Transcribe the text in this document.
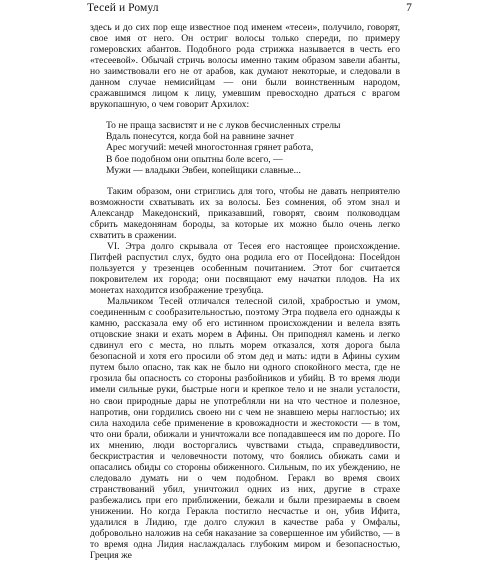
Тесей и Ромул	7

здесь и до сих пор еще известное под именем «тесеи», получило, говорят, свое имя от него. Он остриг волосы только спереди, по примеру гомеровских абантов. Подобного рода стрижка называется в честь его «тесеевой». Обычай стричь волосы именно таким образом завели абанты, но заимствовали его не от арабов, как думают некоторые, и следовали в данном случае немисийцам — они были воинственным народом, сражавшимся лицом к лицу, умевшим превосходно драться с врагом врукопашную, о чем говорит Архилох:

То не праща засвистят и не с луков бесчисленных стрелы
Вдаль понесутся, когда бой на равнине зачнет
Арес могучий: мечей многостонная грянет работа,
В бое подобном они опытны боле всего, —
Мужи — владыки Эвбеи, копейщики славные...

Таким образом, они стриглись для того, чтобы не давать неприятелю возможности схватывать их за волосы. Без сомнения, об этом знал и Александр Македонский, приказавший, говорят, своим полководцам сбрить македонянам бороды, за которые их можно было очень легко схватить в сражении.

VI. Этра долго скрывала от Тесея его настоящее происхождение. Питфей распустил слух, будто она родила его от Посейдона: Посейдон пользуется у трезенцев особенным почитанием. Этот бог считается покровителем их города; они посвящают ему начатки плодов. На их монетах находится изображение трезубца.

Мальчиком Тесей отличался телесной силой, храбростью и умом, соединенным с сообразительностью, поэтому Этра подвела его однажды к камню, рассказала ему об его истинном происхождении и велела взять отцовские знаки и ехать морем в Афины. Он приподнял камень и легко сдвинул его с места, но плыть морем отказался, хотя дорога была безопасной и хотя его просили об этом дед и мать: идти в Афины сухим путем было опасно, так как не было ни одного спокойного места, где не грозила бы опасность со стороны разбойников и убийц. В то время люди имели сильные руки, быстрые ноги и крепкое тело и не знали усталости, но свои природные дары не употребляли ни на что честное и полезное, напротив, они гордились своею ни с чем не знавшею меры наглостью; их сила находила себе применение в кровожадности и жестокости — в том, что они брали, обижали и уничтожали все попадавшееся им по дороге. По их мнению, люди восторгались чувствами стыда, справедливости, бескристрастия и человечности потому, что боялись обижать сами и опасались обиды со стороны обиженного. Сильным, по их убеждению, не следовало думать ни о чем подобном. Геракл во время своих странствований убил, уничтожил одних из них, другие в страхе разбежались при его приближении, бежали и были презираемы в своем унижении. Но когда Геракла постигло несчастье и он, убив Ифита, удалился в Лидию, где долго служил в качестве раба у Омфалы, добровольно наложив на себя наказание за совершенное им убийство, — в то время одна Лидия наслаждалась глубоким миром и безопасностью, Греция же
